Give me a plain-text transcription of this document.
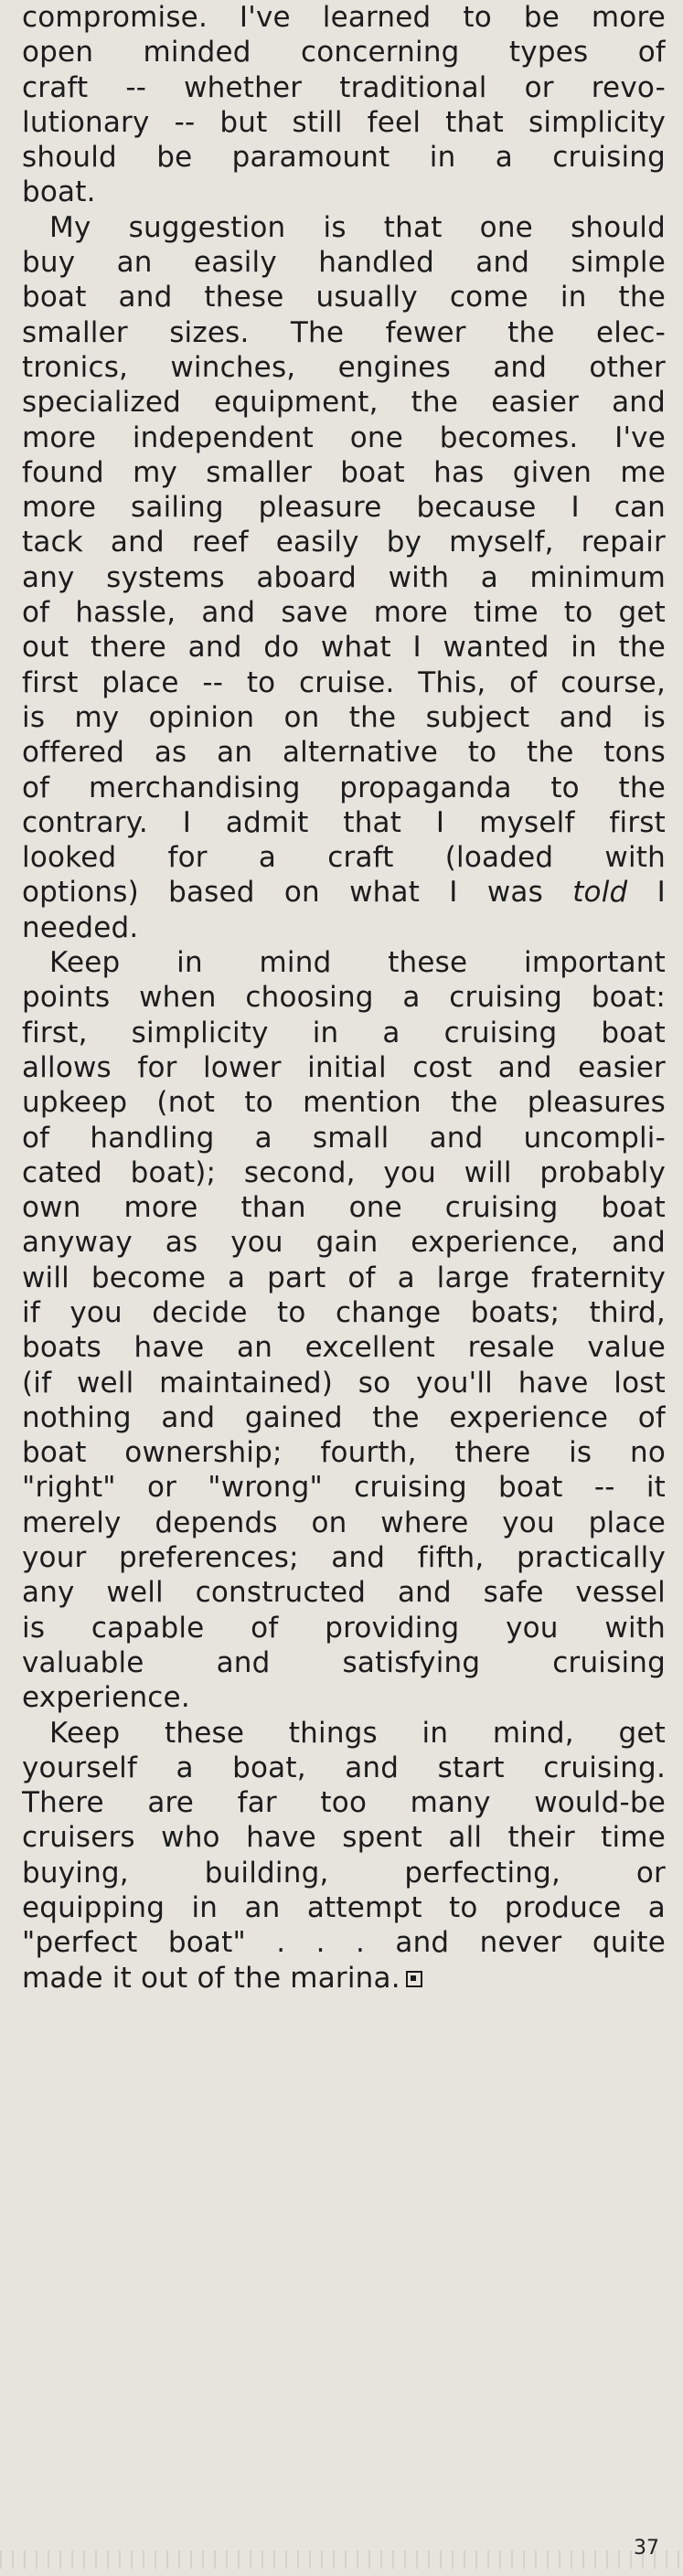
compromise. I've learned to be more
open minded concerning types of
craft -- whether traditional or revo-
lutionary -- but still feel that simplicity
should be paramount in a cruising
boat.

My suggestion is that one should
buy an easily handled and simple
boat and these usually come in the
smaller sizes. The fewer the elec-
tronics, winches, engines and other
specialized equipment, the easier and
more independent one becomes. I've
found my smaller boat has given me
more sailing pleasure because I can
tack and reef easily by myself, repair
any systems aboard with a minimum
of hassle, and save more time to get
out there and do what I wanted in the
first place -- to cruise. This, of course,
is my opinion on the subject and is
offered as an alternative to the tons
of merchandising propaganda to the
contrary. I admit that I myself first
looked for a craft (loaded with
options) based on what I was told I
needed.

Keep in mind these important
points when choosing a cruising boat:
first, simplicity in a cruising boat
allows for lower initial cost and easier
upkeep (not to mention the pleasures
of handling a small and uncompli-
cated boat); second, you will probably
own more than one cruising boat
anyway as you gain experience, and
will become a part of a large fraternity
if you decide to change boats; third,
boats have an excellent resale value
(if well maintained) so you'll have lost
nothing and gained the experience of
boat ownership; fourth, there is no
"right" or "wrong" cruising boat -- it
merely depends on where you place
your preferences; and fifth, practically
any well constructed and safe vessel
is capable of providing you with
valuable and satisfying cruising
experience.

Keep these things in mind, get
yourself a boat, and start cruising.
There are far too many would-be
cruisers who have spent all their time
buying, building, perfecting, or
equipping in an attempt to produce a
"perfect boat" . . . and never quite
made it out of the marina.

37
